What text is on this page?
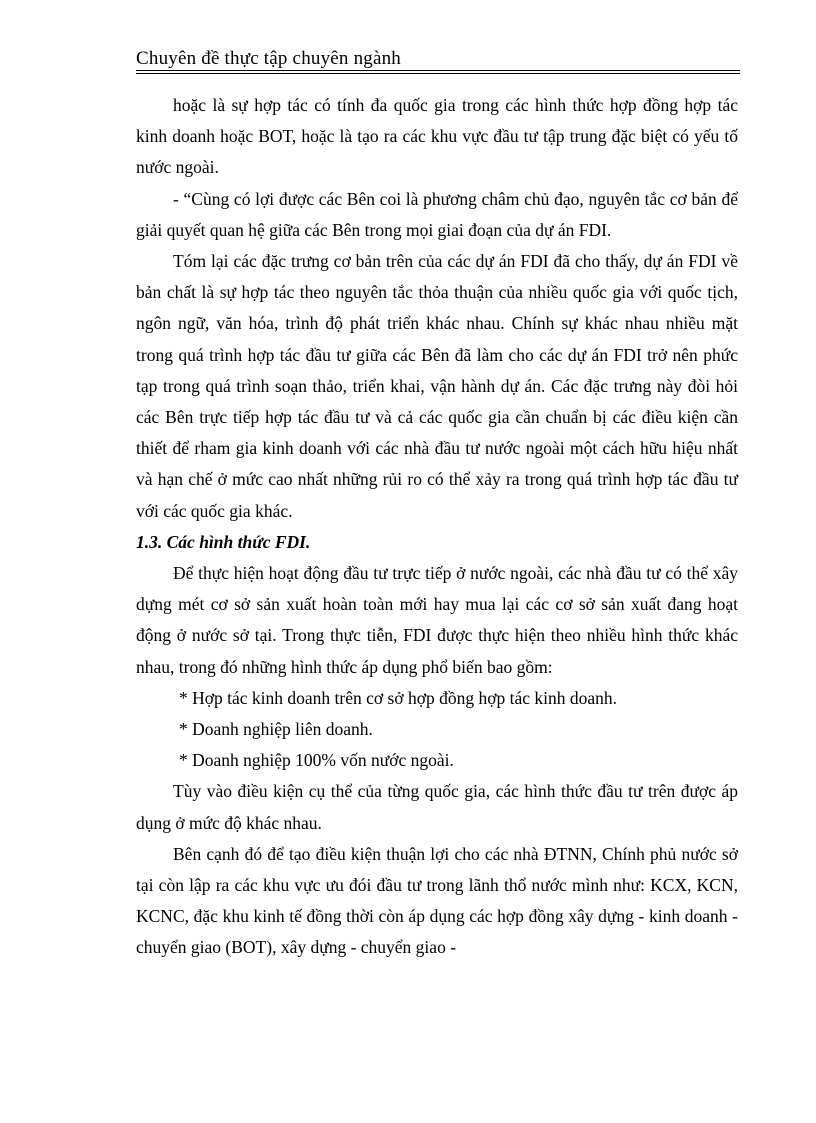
Chuyên đề thực tập chuyên ngành

hoặc là sự hợp tác có tính đa quốc gia trong các hình thức hợp đồng hợp tác kinh doanh hoặc BOT, hoặc là tạo ra các khu vực đầu tư tập trung đặc biệt có yếu tố nước ngoài.

- “Cùng có lợi được các Bên coi là phương châm chủ đạo, nguyên tắc cơ bản để giải quyết quan hệ giữa các Bên trong mọi giai đoạn của dự án FDI.

Tóm lại các đặc trưng cơ bản trên của các dự án FDI đã cho thấy, dự án FDI về bản chất là sự hợp tác theo nguyên tắc thỏa thuận của nhiều quốc gia với quốc tịch, ngôn ngữ, văn hóa, trình độ phát triển khác nhau. Chính sự khác nhau nhiều mặt trong quá trình hợp tác đầu tư giữa các Bên đã làm cho các dự án FDI trở nên phức tạp trong quá trình soạn thảo, triển khai, vận hành dự án. Các đặc trưng này đòi hỏi các Bên trực tiếp hợp tác đầu tư và cả các quốc gia cần chuẩn bị các điều kiện cần thiết để rham gia kinh doanh với các nhà đầu tư nước ngoài một cách hữu hiệu nhất và hạn chế ở mức cao nhất những rủi ro có thể xảy ra trong quá trình hợp tác đầu tư với các quốc gia khác.

1.3. Các hình thức FDI.

Để thực hiện hoạt động đầu tư trực tiếp ở nước ngoài, các nhà đầu tư có thể xây dựng mét cơ sở sản xuất hoàn toàn mới hay mua lại các cơ sở sản xuất đang hoạt động ở nước sở tại. Trong thực tiễn, FDI được thực hiện theo nhiều hình thức khác nhau, trong đó những hình thức áp dụng phổ biến bao gồm:

* Hợp tác kinh doanh trên cơ sở hợp đồng hợp tác kinh doanh.

* Doanh nghiệp liên doanh.

* Doanh nghiệp 100% vốn nước ngoài.

Tùy vào điều kiện cụ thể của từng quốc gia, các hình thức đầu tư trên được áp dụng ở mức độ khác nhau.

Bên cạnh đó để tạo điều kiện thuận lợi cho các nhà ĐTNN, Chính phủ nước sở tại còn lập ra các khu vực ưu đói đầu tư trong lãnh thổ nước mình như: KCX, KCN, KCNC, đặc khu kinh tế đồng thời còn áp dụng các hợp đồng xây dựng - kinh doanh - chuyển giao (BOT), xây dựng - chuyển giao -
